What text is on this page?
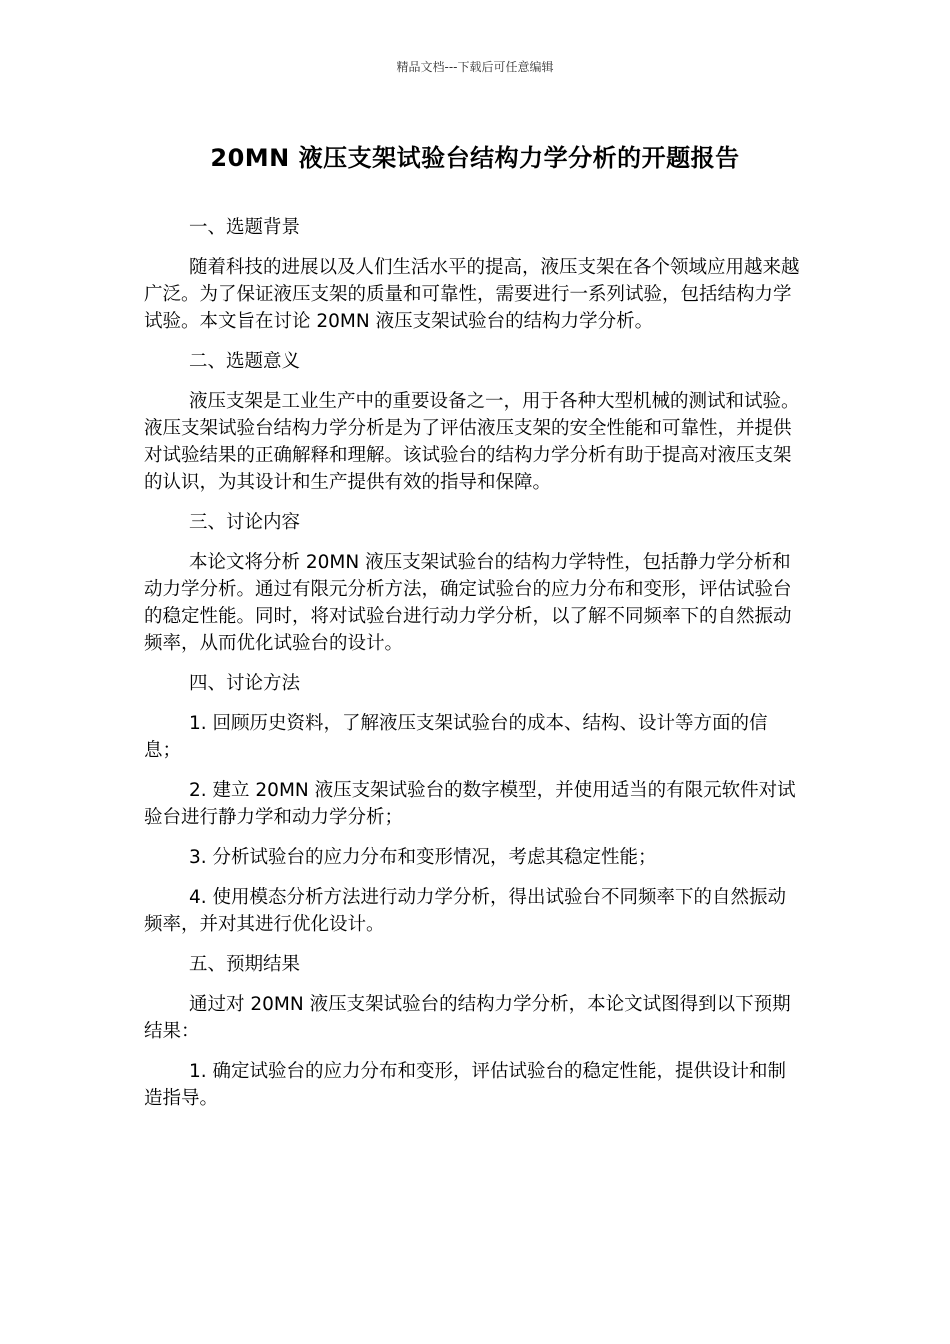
精品文档---下载后可任意编辑
20MN 液压支架试验台结构力学分析的开题报告
一、选题背景
随着科技的进展以及人们生活水平的提高，液压支架在各个领域应用越来越广泛。为了保证液压支架的质量和可靠性，需要进行一系列试验，包括结构力学试验。本文旨在讨论 20MN 液压支架试验台的结构力学分析。
二、选题意义
液压支架是工业生产中的重要设备之一，用于各种大型机械的测试和试验。液压支架试验台结构力学分析是为了评估液压支架的安全性能和可靠性，并提供对试验结果的正确解释和理解。该试验台的结构力学分析有助于提高对液压支架的认识，为其设计和生产提供有效的指导和保障。
三、讨论内容
本论文将分析 20MN 液压支架试验台的结构力学特性，包括静力学分析和动力学分析。通过有限元分析方法，确定试验台的应力分布和变形，评估试验台的稳定性能。同时，将对试验台进行动力学分析，以了解不同频率下的自然振动频率，从而优化试验台的设计。
四、讨论方法
1. 回顾历史资料，了解液压支架试验台的成本、结构、设计等方面的信息；
2. 建立 20MN 液压支架试验台的数字模型，并使用适当的有限元软件对试验台进行静力学和动力学分析；
3. 分析试验台的应力分布和变形情况，考虑其稳定性能；
4. 使用模态分析方法进行动力学分析，得出试验台不同频率下的自然振动频率，并对其进行优化设计。
五、预期结果
通过对 20MN 液压支架试验台的结构力学分析，本论文试图得到以下预期结果：
1. 确定试验台的应力分布和变形，评估试验台的稳定性能，提供设计和制造指导。
